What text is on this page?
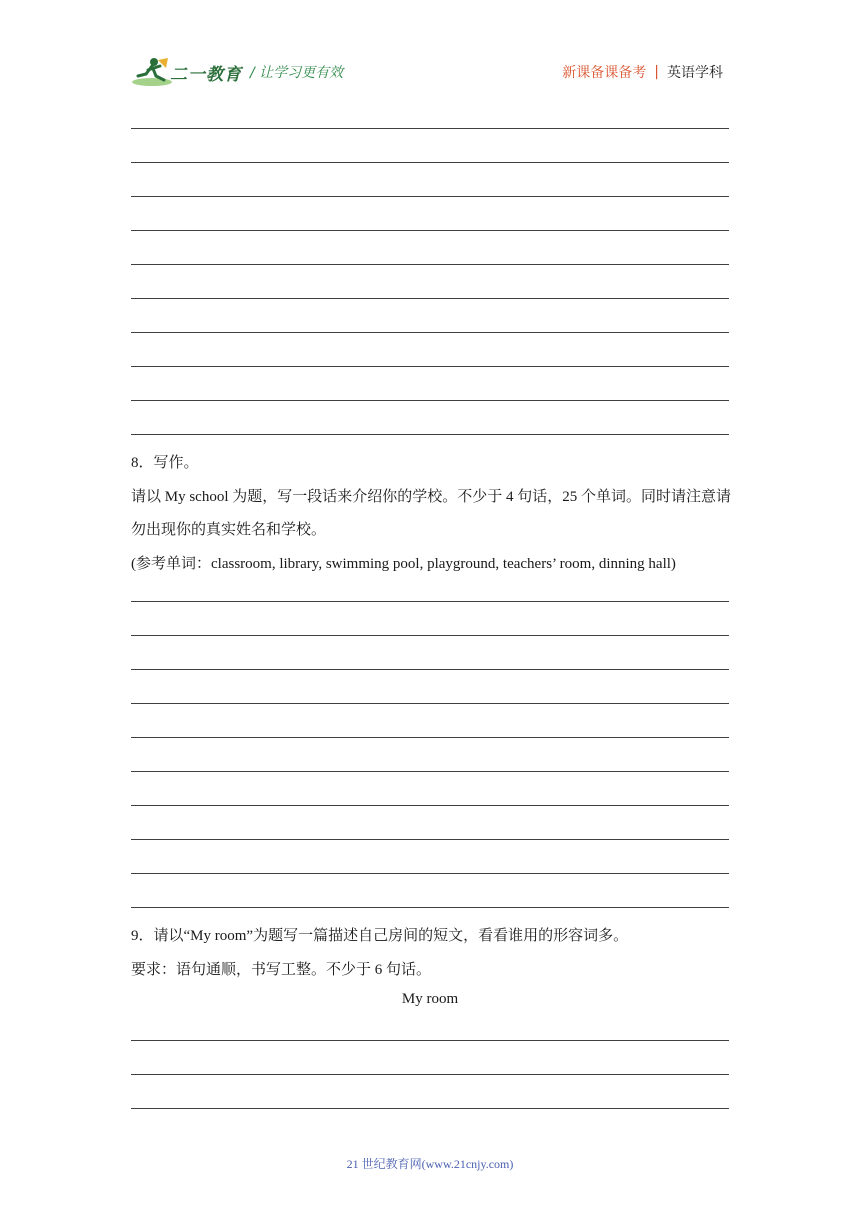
二一教育 / 让学习更有效	新课备课备考 | 英语学科
8．写作。
请以 My school 为题，写一段话来介绍你的学校。不少于 4 句话，25 个单词。同时请注意请
勿出现你的真实姓名和学校。
(参考单词：classroom, library, swimming pool, playground, teachers’ room, dinning hall)
9．请以“My room”为题写一篇描述自己房间的短文，看看谁用的形容词多。
要求：语句通顺，书写工整。不少于 6 句话。
My room
21 世纪教育网(www.21cnjy.com)
